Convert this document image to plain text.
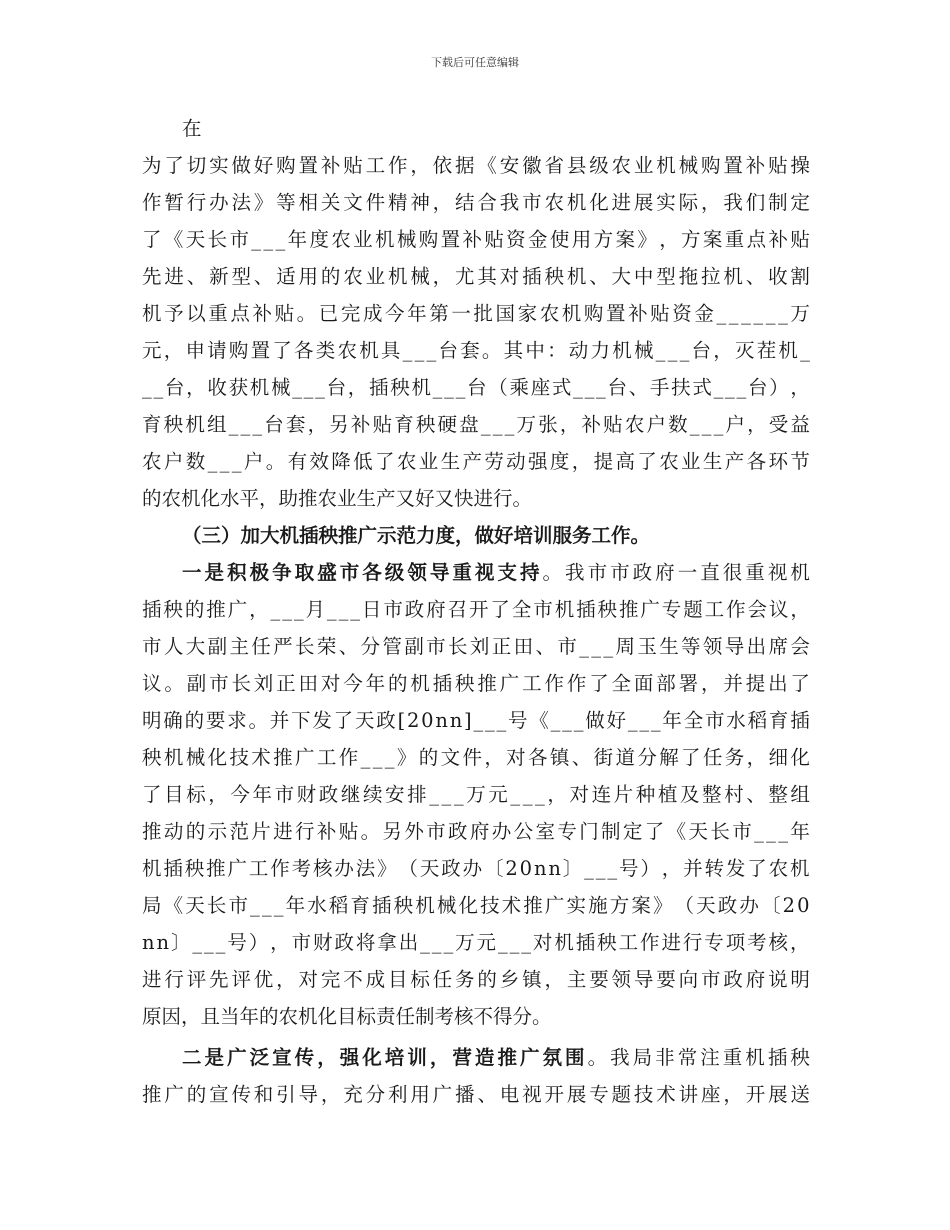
下载后可任意编辑
在
为 了 切 实 做 好 购 置 补 贴 工 作 ， 依 据 《 安 徽 省 县 级 农 业 机 械 购 置 补 贴 操
作 暂 行 办 法 》 等 相 关 文 件 精 神 ， 结 合 我 市 农 机 化 进 展 实 际 ， 我 们 制 定
了 《 天 长 市 _ _ _ 年 度 农 业 机 械 购 置 补 贴 资 金 使 用 方 案 》 ， 方 案 重 点 补 贴
先 进 、 新 型 、 适 用 的 农 业 机 械 ， 尤 其 对 插 秧 机 、 大 中 型 拖 拉 机 、 收 割
机 予 以 重 点 补 贴 。 已 完 成 今 年 第 一 批 国 家 农 机 购 置 补 贴 资 金 _ _ _ _ _ _ 万
元 ， 申 请 购 置 了 各 类 农 机 具 _ _ _ 台 套 。 其 中 ： 动 力 机 械 _ _ _ 台 ， 灭 茬 机 _
_ _ 台 ， 收 获 机 械 _ _ _ 台 ， 插 秧 机 _ _ _ 台 （ 乘 座 式 _ _ _ 台 、 手 扶 式 _ _ _ 台 ） ，
育 秧 机 组 _ _ _ 台 套 ， 另 补 贴 育 秧 硬 盘 _ _ _ 万 张 ， 补 贴 农 户 数 _ _ _ 户 ， 受 益
农 户 数 _ _ _ 户 。 有 效 降 低 了 农 业 生 产 劳 动 强 度 ， 提 高 了 农 业 生 产 各 环 节
的农机化水平，助推农业生产又好又快进行。
（三）加大机插秧推广示范力度，做好培训服务工作。
一 是 积 极 争 取 盛 市 各 级 领 导 重 视 支 持 。 我 市 市 政 府 一 直 很 重 视 机
插 秧 的 推 广 ， _ _ _ 月 _ _ _ 日 市 政 府 召 开 了 全 市 机 插 秧 推 广 专 题 工 作 会 议 ，
市 人 大 副 主 任 严 长 荣 、 分 管 副 市 长 刘 正 田 、 市 _ _ _ 周 玉 生 等 领 导 出 席 会
议 。 副 市 长 刘 正 田 对 今 年 的 机 插 秧 推 广 工 作 作 了 全 面 部 署 ， 并 提 出 了
明 确 的 要 求 。 并 下 发 了 天 政 [ 2 0 n n ] _ _ _ 号 《 _ _ _ 做 好 _ _ _ 年 全 市 水 稻 育 插
秧 机 械 化 技 术 推 广 工 作 _ _ _ 》 的 文 件 ， 对 各 镇 、 街 道 分 解 了 任 务 ， 细 化
了 目 标 ， 今 年 市 财 政 继 续 安 排 _ _ _ 万 元 _ _ _ ， 对 连 片 种 植 及 整 村 、 整 组
推 动 的 示 范 片 进 行 补 贴 。 另 外 市 政 府 办 公 室 专 门 制 定 了 《 天 长 市 _ _ _ 年
机 插 秧 推 广 工 作 考 核 办 法 》 （ 天 政 办 〔 2 0 n n 〕 _ _ _ 号 ） ， 并 转 发 了 农 机
局 《 天 长 市 _ _ _ 年 水 稻 育 插 秧 机 械 化 技 术 推 广 实 施 方 案 》 （ 天 政 办 〔 2 0
n n 〕 _ _ _ 号 ） ， 市 财 政 将 拿 出 _ _ _ 万 元 _ _ _ 对 机 插 秧 工 作 进 行 专 项 考 核 ，
进 行 评 先 评 优 ， 对 完 不 成 目 标 任 务 的 乡 镇 ， 主 要 领 导 要 向 市 政 府 说 明
原因，且当年的农机化目标责任制考核不得分。
二 是 广 泛 宣 传 ， 强 化 培 训 ， 营 造 推 广 氛 围 。 我 局 非 常 注 重 机 插 秧
推 广 的 宣 传 和 引 导 ， 充 分 利 用 广 播 、 电 视 开 展 专 题 技 术 讲 座 ， 开 展 送
